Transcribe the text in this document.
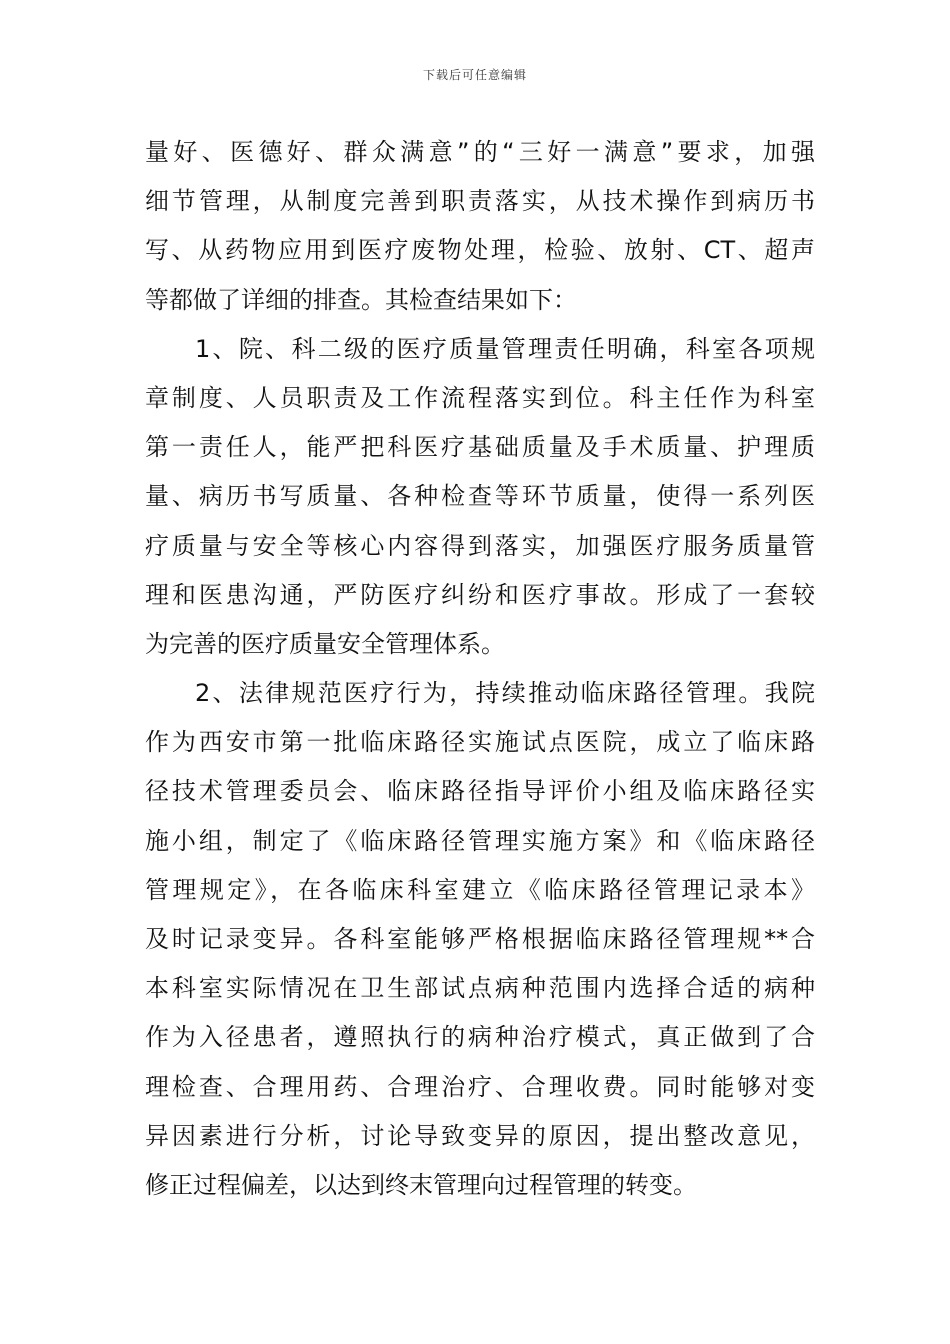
下载后可任意编辑
量好、医德好、群众满意”的“三好一满意”要求，加强
细节管理，从制度完善到职责落实，从技术操作到病历书
写、从药物应用到医疗废物处理，检验、放射、CT、超声
等都做了详细的排查。其检查结果如下：
1、院、科二级的医疗质量管理责任明确，科室各项规
章制度、人员职责及工作流程落实到位。科主任作为科室
第一责任人，能严把科医疗基础质量及手术质量、护理质
量、病历书写质量、各种检查等环节质量，使得一系列医
疗质量与安全等核心内容得到落实，加强医疗服务质量管
理和医患沟通，严防医疗纠纷和医疗事故。形成了一套较
为完善的医疗质量安全管理体系。
2、法律规范医疗行为，持续推动临床路径管理。我院
作为西安市第一批临床路径实施试点医院，成立了临床路
径技术管理委员会、临床路径指导评价小组及临床路径实
施小组，制定了《临床路径管理实施方案》和《临床路径
管理规定》，在各临床科室建立《临床路径管理记录本》
及时记录变异。各科室能够严格根据临床路径管理规**合
本科室实际情况在卫生部试点病种范围内选择合适的病种
作为入径患者，遵照执行的病种治疗模式，真正做到了合
理检查、合理用药、合理治疗、合理收费。同时能够对变
异因素进行分析，讨论导致变异的原因，提出整改意见，
修正过程偏差，以达到终末管理向过程管理的转变。
